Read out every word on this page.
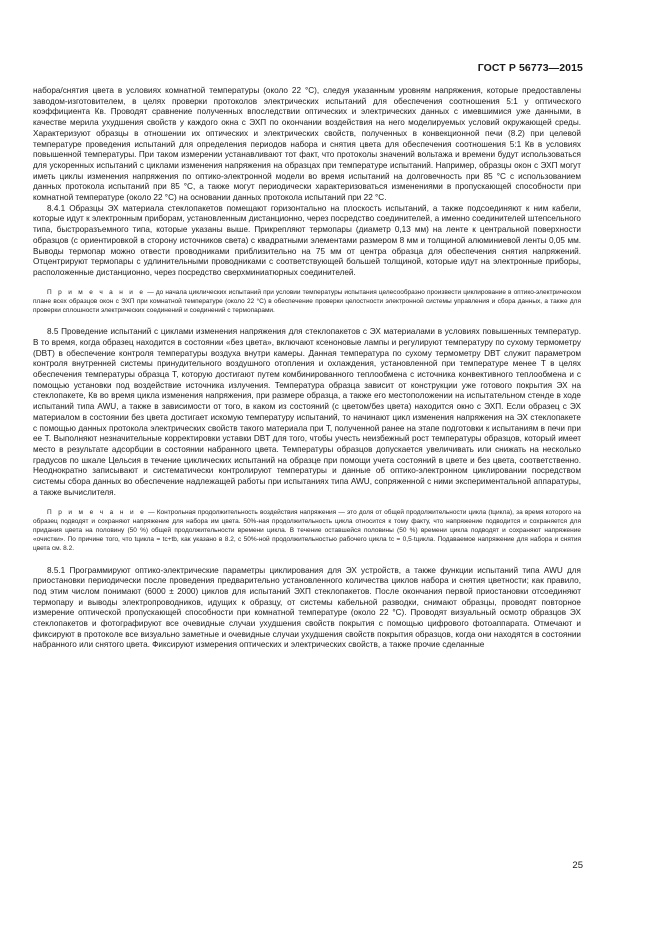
ГОСТ Р 56773—2015

набора/снятия цвета в условиях комнатной температуры (около 22 °С), следуя указанным уровням напряжения, которые предоставлены заводом-изготовителем, в целях проверки протоколов электрических испытаний для обеспечения соотношения 5:1 у оптического коэффициента Кв. Проводят сравнение полученных впоследствии оптических и электрических данных с имевшимися уже данными, в качестве мерила ухудшения свойств у каждого окна с ЭХП по окончании воздействия на него моделируемых условий окружающей среды. Характеризуют образцы в отношении их оптических и электрических свойств, полученных в конвекционной печи (8.2) при целевой температуре проведения испытаний для определения периодов набора и снятия цвета для обеспечения соотношения 5:1 Кв в условиях повышенной температуры. При таком измерении устанавливают тот факт, что протоколы значений вольтажа и времени будут использоваться для ускоренных испытаний с циклами изменения напряжения на образцах при температуре испытаний. Например, образцы окон с ЭХП могут иметь циклы изменения напряжения по оптико-электронной модели во время испытаний на долговечность при 85 °С с использованием данных протокола испытаний при 85 °С, а также могут периодически характеризоваться изменениями в пропускающей способности при комнатной температуре (около 22 °С) на основании данных протокола испытаний при 22 °С.

8.4.1 Образцы ЭХ материала стеклопакетов помещают горизонтально на плоскость испытаний, а также подсоединяют к ним кабели, которые идут к электронным приборам, установленным дистанционно, через посредство соединителей, а именно соединителей штепсельного типа, быстроразъемного типа, которые указаны выше. Прикрепляют термопары (диаметр 0,13 мм) на ленте к центральной поверхности образцов (с ориентировкой в сторону источников света) с квадратными элементами размером 8 мм и толщиной алюминиевой ленты 0,05 мм. Выводы термопар можно отвести проводниками приблизительно на 75 мм от центра образца для обеспечения снятия напряжений. Отцентрируют термопары с удлинительными проводниками с соответствующей большей толщиной, которые идут на электронные приборы, расположенные дистанционно, через посредство сверхминиатюрных соединителей.

П р и м е ч а н и е — до начала циклических испытаний при условии температуры испытания целесообразно произвести циклирование в оптико-электрическом плане всех образцов окон с ЭХП при комнатной температуре (около 22 °С) в обеспечение проверки целостности электронной системы управления и сбора данных, а также для проверки сплошности электрических соединений и соединений с термопарами.

8.5 Проведение испытаний с циклами изменения напряжения для стеклопакетов с ЭХ материалами в условиях повышенных температур. В то время, когда образец находится в состоянии «без цвета», включают ксеноновые лампы и регулируют температуру по сухому термометру (DBT) в обеспечение контроля температуры воздуха внутри камеры. Данная температура по сухому термометру DBT служит параметром контроля внутренней системы принудительного воздушного отопления и охлаждения, установленной при температуре менее Т в целях обеспечения температуры образца Т, которую достигают путем комбинированного теплообмена с источника конвективного теплообмена и с помощью установки под воздействие источника излучения. Температура образца зависит от конструкции уже готового покрытия ЭХ на стеклопакете, Кв во время цикла изменения напряжения, при размере образца, а также его местоположении на испытательном стенде в ходе испытаний типа AWU, а также в зависимости от того, в каком из состояний (с цветом/без цвета) находится окно с ЭХП. Если образец с ЭХ материалом в состоянии без цвета достигает искомую температуру испытаний, то начинают цикл изменения напряжения на ЭХ стеклопакете с помощью данных протокола электрических свойств такого материала при Т, полученной ранее на этапе подготовки к испытаниям в печи при ее Т. Выполняют незначительные корректировки уставки DBT для того, чтобы учесть неизбежный рост температуры образцов, который имеет место в результате адсорбции в состоянии набранного цвета. Температуры образцов допускается увеличивать или снижать на несколько градусов по шкале Цельсия в течение циклических испытаний на образце при помощи учета состояний в цвете и без цвета, соответственно. Неоднократно записывают и систематически контролируют температуры и данные об оптико-электронном циклировании посредством системы сбора данных во обеспечение надлежащей работы при испытаниях типа AWU, сопряженной с ними экспериментальной аппаратуры, а также вычислителя.

П р и м е ч а н и е — Контрольная продолжительность воздействия напряжения — это доля от общей продолжительности цикла (tцикла), за время которого на образец подводят и сохраняют напряжение для набора им цвета. 50%-ная продолжительность цикла относится к тому факту, что напряжение подводится и сохраняется для придания цвета на половину (50 %) общей продолжительности времени цикла. В течение оставшейся половины (50 %) времени цикла подводят и сохраняют напряжение «очистки». По причине того, что tцикла = tc+tb, как указано в 8.2, с 50%-ной продолжительностью рабочего цикла tc = 0,5·tцикла. Подаваемое напряжение для набора и снятия цвета см. 8.2.

8.5.1 Программируют оптико-электрические параметры циклирования для ЭХ устройств, а также функции испытаний типа AWU для приостановки периодически после проведения предварительно установленного количества циклов набора и снятия цветности; как правило, под этим числом понимают (6000 ± 2000) циклов для испытаний ЭХП стеклопакетов. После окончания первой приостановки отсоединяют термопару и выводы электропроводников, идущих к образцу, от системы кабельной разводки, снимают образцы, проводят повторное измерение оптической пропускающей способности при комнатной температуре (около 22 °С). Проводят визуальный осмотр образцов ЭХ стеклопакетов и фотографируют все очевидные случаи ухудшения свойств покрытия с помощью цифрового фотоаппарата. Отмечают и фиксируют в протоколе все визуально заметные и очевидные случаи ухудшения свойств покрытия образцов, когда они находятся в состоянии набранного или снятого цвета. Фиксируют измерения оптических и электрических свойств, а также прочие сделанные

25
